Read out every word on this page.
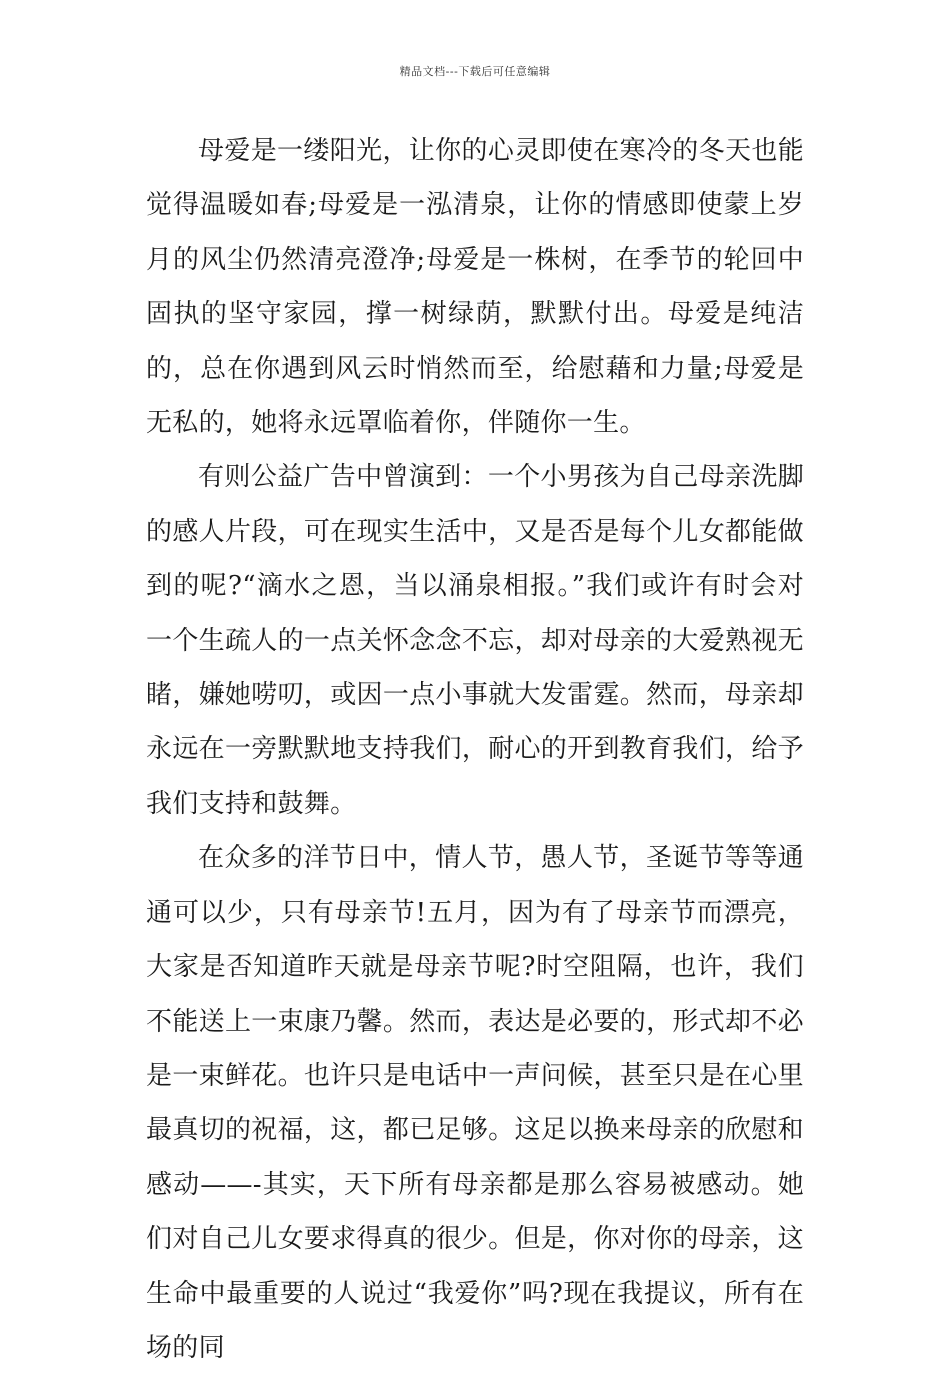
精品文档---下载后可任意编辑

母爱是一缕阳光，让你的心灵即使在寒冷的冬天也能觉得温暖如春;母爱是一泓清泉，让你的情感即使蒙上岁月的风尘仍然清亮澄净;母爱是一株树，在季节的轮回中固执的坚守家园，撑一树绿荫，默默付出。母爱是纯洁的，总在你遇到风云时悄然而至，给慰藉和力量;母爱是无私的，她将永远罩临着你，伴随你一生。

有则公益广告中曾演到：一个小男孩为自己母亲洗脚的感人片段，可在现实生活中，又是否是每个儿女都能做到的呢?“滴水之恩，当以涌泉相报。”我们或许有时会对一个生疏人的一点关怀念念不忘，却对母亲的大爱熟视无睹，嫌她唠叨，或因一点小事就大发雷霆。然而，母亲却永远在一旁默默地支持我们，耐心的开到教育我们，给予我们支持和鼓舞。

在众多的洋节日中，情人节，愚人节，圣诞节等等通通可以少，只有母亲节!五月，因为有了母亲节而漂亮，大家是否知道昨天就是母亲节呢?时空阻隔，也许，我们不能送上一束康乃馨。然而，表达是必要的，形式却不必是一束鲜花。也许只是电话中一声问候，甚至只是在心里最真切的祝福，这，都已足够。这足以换来母亲的欣慰和感动——-其实，天下所有母亲都是那么容易被感动。她们对自己儿女要求得真的很少。但是，你对你的母亲，这生命中最重要的人说过“我爱你”吗?现在我提议，所有在场的同
